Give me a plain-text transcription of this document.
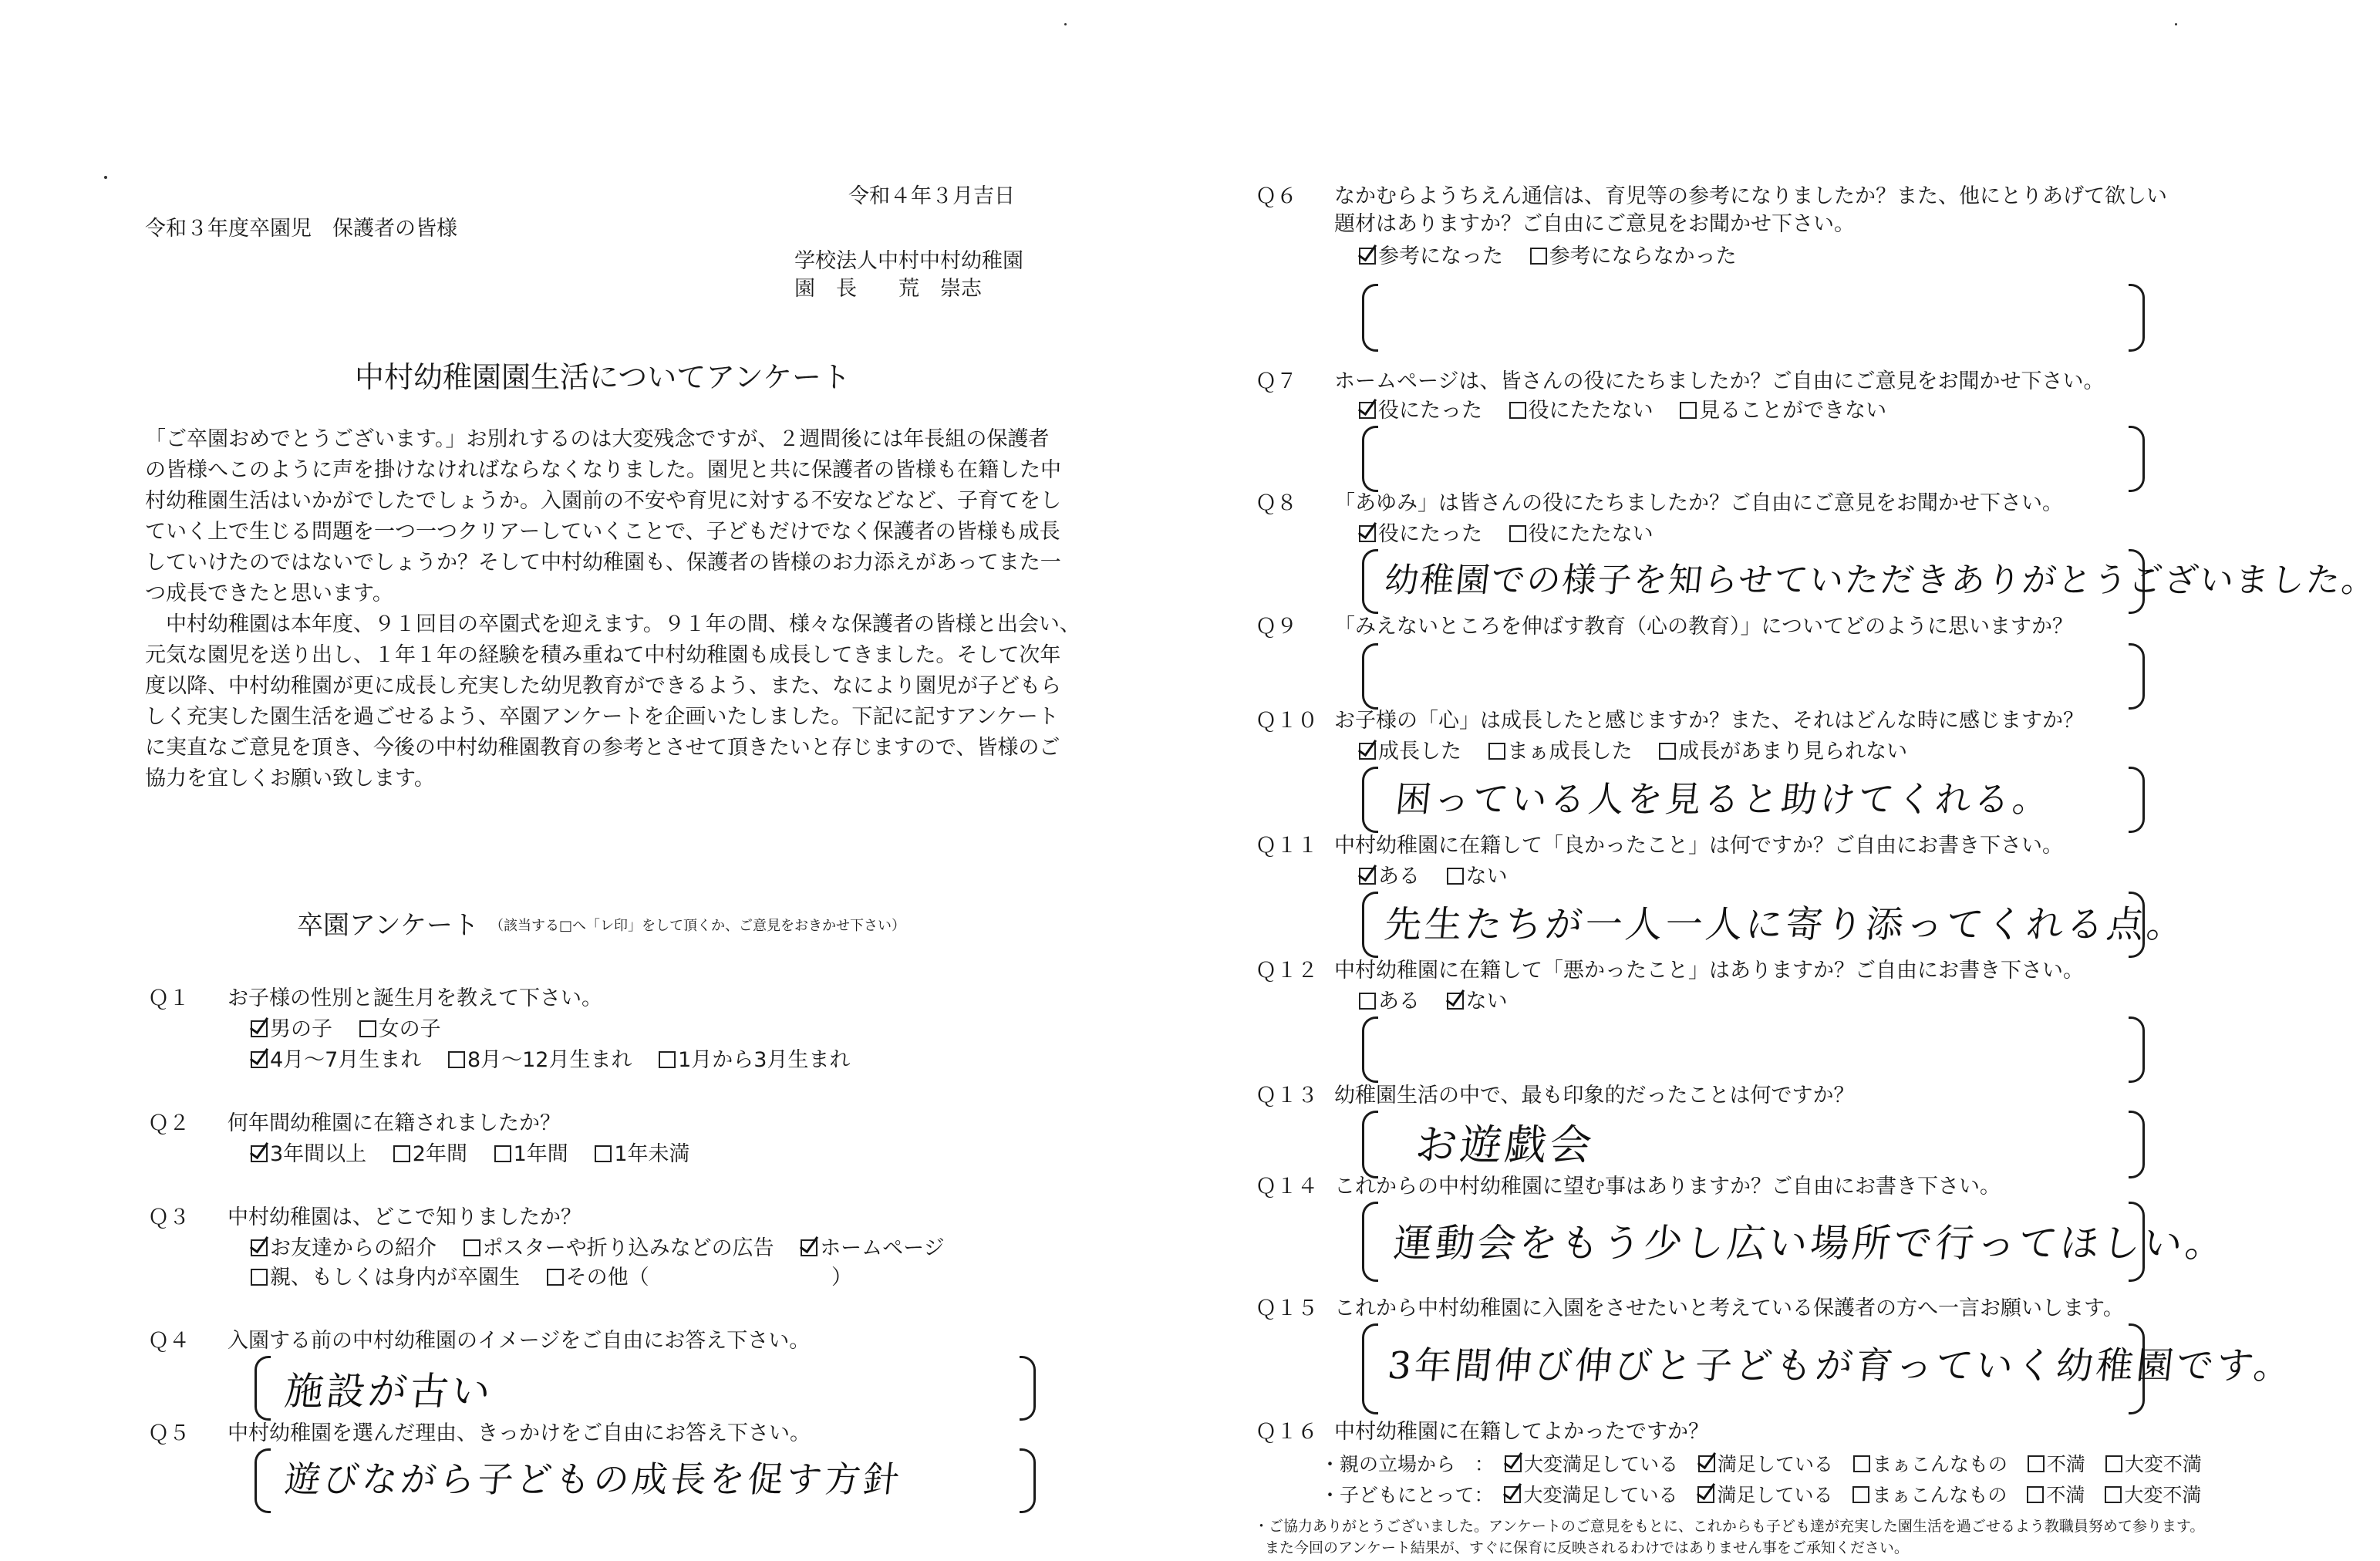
令和４年３月吉日
令和３年度卒園児　保護者の皆様
学校法人中村中村幼稚園
園　長　　荒　崇志
中村幼稚園園生活についてアンケート
「ご卒園おめでとうございます。」お別れするのは大変残念ですが、２週間後には年長組の保護者
の皆様へこのように声を掛けなければならなくなりました。園児と共に保護者の皆様も在籍した中
村幼稚園生活はいかがでしたでしょうか。入園前の不安や育児に対する不安などなど、子育てをし
ていく上で生じる問題を一つ一つクリアーしていくことで、子どもだけでなく保護者の皆様も成長
していけたのではないでしょうか？そして中村幼稚園も、保護者の皆様のお力添えがあってまた一
つ成長できたと思います。
　中村幼稚園は本年度、９１回目の卒園式を迎えます。９１年の間、様々な保護者の皆様と出会い、
元気な園児を送り出し、１年１年の経験を積み重ねて中村幼稚園も成長してきました。そして次年
度以降、中村幼稚園が更に成長し充実した幼児教育ができるよう、また、なにより園児が子どもら
しく充実した園生活を過ごせるよう、卒園アンケートを企画いたしました。下記に記すアンケート
に実直なご意見を頂き、今後の中村幼稚園教育の参考とさせて頂きたいと存じますので、皆様のご
協力を宜しくお願い致します。
卒園アンケート （該当する□へ「レ印」をして頂くか、ご意見をおきかせ下さい）
Ｑ１ お子様の性別と誕生月を教えて下さい。
男の子 女の子
4月～7月生まれ 8月～12月生まれ 1月から3月生まれ
Ｑ２ 何年間幼稚園に在籍されましたか？
3年間以上 2年間 1年間 1年未満
Ｑ３ 中村幼稚園は、どこで知りましたか？
お友達からの紹介 ポスターや折り込みなどの広告 ホームページ
親、もしくは身内が卒園生 その他（	）
Ｑ４ 入園する前の中村幼稚園のイメージをご自由にお答え下さい。
施設が古い
Ｑ５ 中村幼稚園を選んだ理由、きっかけをご自由にお答え下さい。
遊びながら子どもの成長を促す方針
Ｑ６ なかむらようちえん通信は、育児等の参考になりましたか？また、他にとりあげて欲しい
題材はありますか？ご自由にご意見をお聞かせ下さい。
参考になった 参考にならなかった
Ｑ７ ホームページは、皆さんの役にたちましたか？ご自由にご意見をお聞かせ下さい。
役にたった 役にたたない 見ることができない
Ｑ８ 「あゆみ」は皆さんの役にたちましたか？ご自由にご意見をお聞かせ下さい。
役にたった 役にたたない
幼稚園での様子を知らせていただきありがとうございました。
Ｑ９ 「みえないところを伸ばす教育（心の教育）」についてどのように思いますか？
Ｑ１０ お子様の「心」は成長したと感じますか？また、それはどんな時に感じますか？
成長した まぁ成長した 成長があまり見られない
困っている人を見ると助けてくれる。
Ｑ１１ 中村幼稚園に在籍して「良かったこと」は何ですか？ご自由にお書き下さい。
ある ない
先生たちが一人一人に寄り添ってくれる点。
Ｑ１２ 中村幼稚園に在籍して「悪かったこと」はありますか？ご自由にお書き下さい。
ある ない
Ｑ１３ 幼稚園生活の中で、最も印象的だったことは何ですか？
お遊戯会
Ｑ１４ これからの中村幼稚園に望む事はありますか？ご自由にお書き下さい。
運動会をもう少し広い場所で行ってほしい。
Ｑ１５ これから中村幼稚園に入園をさせたいと考えている保護者の方へ一言お願いします。
3年間伸び伸びと子どもが育っていく幼稚園です。
Ｑ１６ 中村幼稚園に在籍してよかったですか？
・親の立場から　： 大変満足している 満足している まぁこんなもの 不満 大変不満
・子どもにとって： 大変満足している 満足している まぁこんなもの 不満 大変不満
・ご協力ありがとうございました。アンケートのご意見をもとに、これからも子ども達が充実した園生活を過ごせるよう教職員努めて参ります。
また今回のアンケート結果が、すぐに保育に反映されるわけではありません事をご承知ください。
